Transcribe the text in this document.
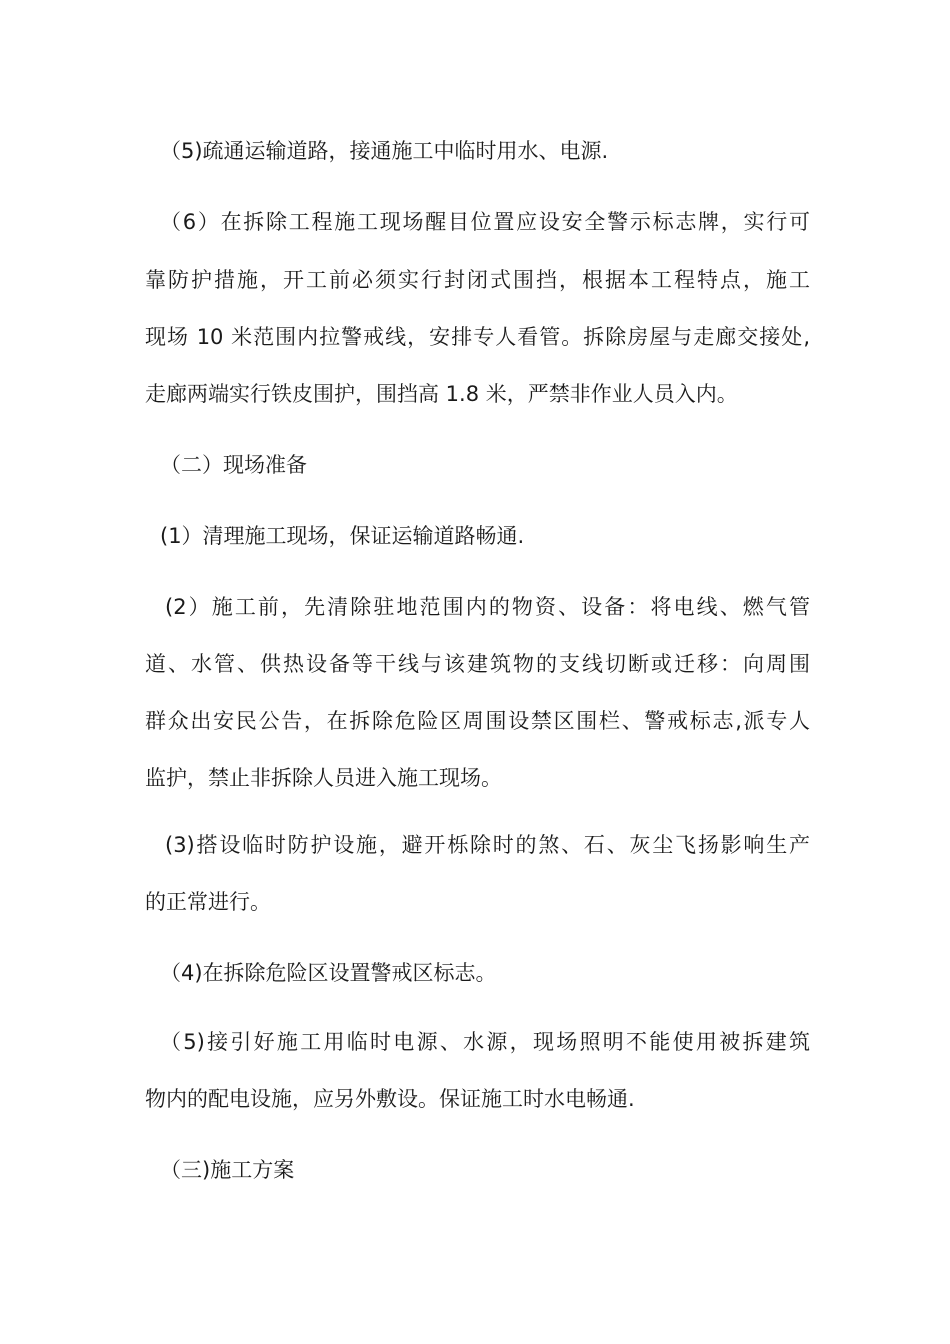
（5)疏通运输道路，接通施工中临时用水、电源.
（6）在拆除工程施工现场醒目位置应设安全警示标志牌，实行可
靠防护措施，开工前必须实行封闭式围挡，根据本工程特点，施工
现场 10 米范围内拉警戒线，安排专人看管。拆除房屋与走廊交接处,
走廊两端实行铁皮围护，围挡高 1.8 米，严禁非作业人员入内。
（二）现场准备
(1）清理施工现场，保证运输道路畅通.
(2）施工前，先清除驻地范围内的物资、设备：将电线、燃气管
道、水管、供热设备等干线与该建筑物的支线切断或迁移：向周围
群众出安民公告，在拆除危险区周围设禁区围栏、警戒标志,派专人
监护，禁止非拆除人员进入施工现场。
(3)搭设临时防护设施，避开栎除时的煞、石、灰尘飞扬影响生产
的正常进行。
（4)在拆除危险区设置警戒区标志。
（5)接引好施工用临时电源、水源，现场照明不能使用被拆建筑
物内的配电设施，应另外敷设。保证施工时水电畅通.
（三)施工方案
